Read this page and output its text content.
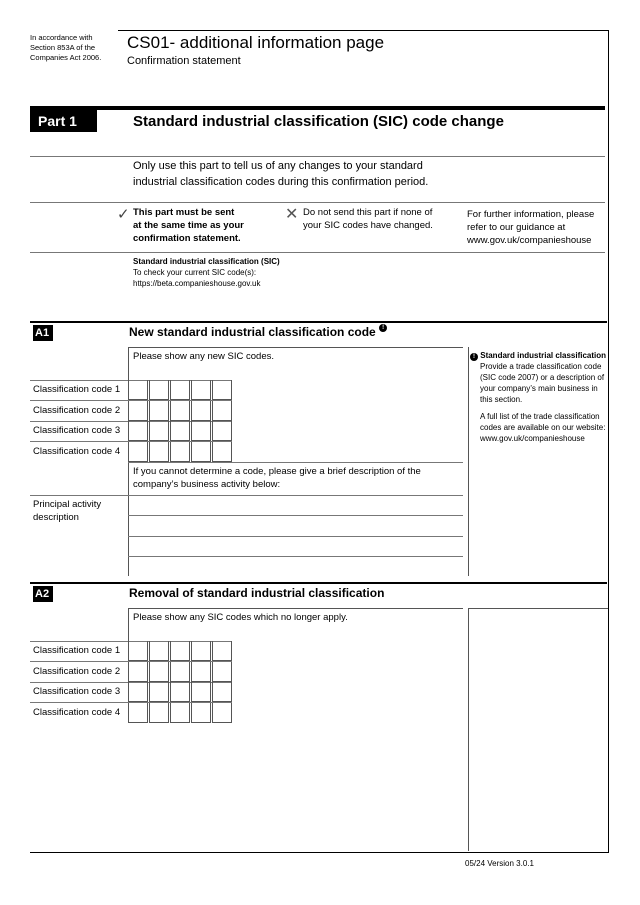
In accordance with
Section 853A of the
Companies Act 2006.
CS01- additional information page
Confirmation statement
Part 1	Standard industrial classification (SIC) code change
Only use this part to tell us of any changes to your standard
industrial classification codes during this confirmation period.
✓ This part must be sent
at the same time as your
confirmation statement.
✕ Do not send this part if none of
your SIC codes have changed.
For further information, please
refer to our guidance at
www.gov.uk/companieshouse
Standard industrial classification (SIC)
To check your current SIC code(s):
https://beta.companieshouse.gov.uk
A1	New standard industrial classification code !
Please show any new SIC codes.
Classification code 1
Classification code 2
Classification code 3
Classification code 4
If you cannot determine a code, please give a brief description of the
company’s business activity below:
Principal activity
description
! Standard industrial classification
Provide a trade classification code
(SIC code 2007) or a description of
your company’s main business in
this section.
A full list of the trade classification
codes are available on our website:
www.gov.uk/companieshouse
A2	Removal of standard industrial classification
Please show any SIC codes which no longer apply.
Classification code 1
Classification code 2
Classification code 3
Classification code 4
05/24 Version 3.0.1
